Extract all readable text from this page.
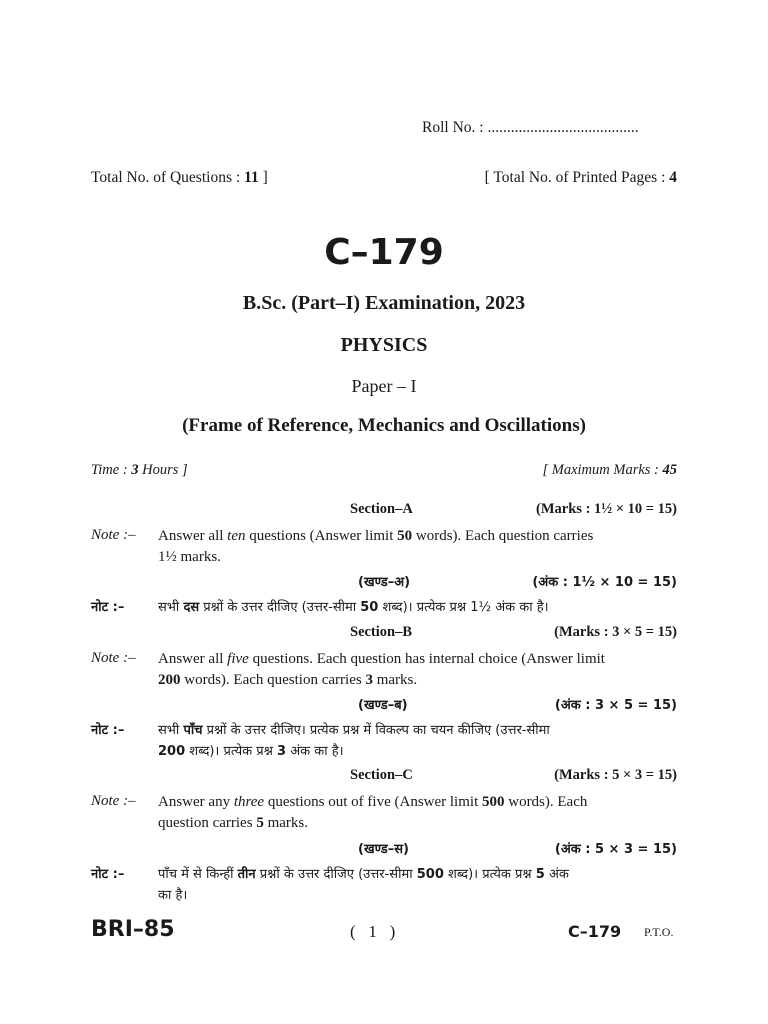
Roll No. : .......................................
Total No. of Questions : 11 ]	[ Total No. of Printed Pages : 4
C–179
B.Sc. (Part–I) Examination, 2023
PHYSICS
Paper – I
(Frame of Reference, Mechanics and Oscillations)
Time : 3 Hours ]	[ Maximum Marks : 45
Section–A	(Marks : 1½ × 10 = 15)
Note :– Answer all ten questions (Answer limit 50 words). Each question carries
1½ marks.
(खण्ड–अ)	(अंक : 1½ × 10 = 15)
नोट :–	सभी दस प्रश्नों के उत्तर दीजिए (उत्तर-सीमा 50 शब्द)। प्रत्येक प्रश्न 1½ अंक का है।
Section–B	(Marks : 3 × 5 = 15)
Note :– Answer all five questions. Each question has internal choice (Answer limit
200 words). Each question carries 3 marks.
(खण्ड–ब)	(अंक : 3 × 5 = 15)
नोट :–	सभी पाँच प्रश्नों के उत्तर दीजिए। प्रत्येक प्रश्न में विकल्प का चयन कीजिए (उत्तर-सीमा
200 शब्द)। प्रत्येक प्रश्न 3 अंक का है।
Section–C	(Marks : 5 × 3 = 15)
Note :– Answer any three questions out of five (Answer limit 500 words). Each
question carries 5 marks.
(खण्ड–स)	(अंक : 5 × 3 = 15)
नोट :–	पाँच में से किन्हीं तीन प्रश्नों के उत्तर दीजिए (उत्तर-सीमा 500 शब्द)। प्रत्येक प्रश्न 5 अंक
का है।
BRI–85	(   1   )	C–179 P.T.O.
